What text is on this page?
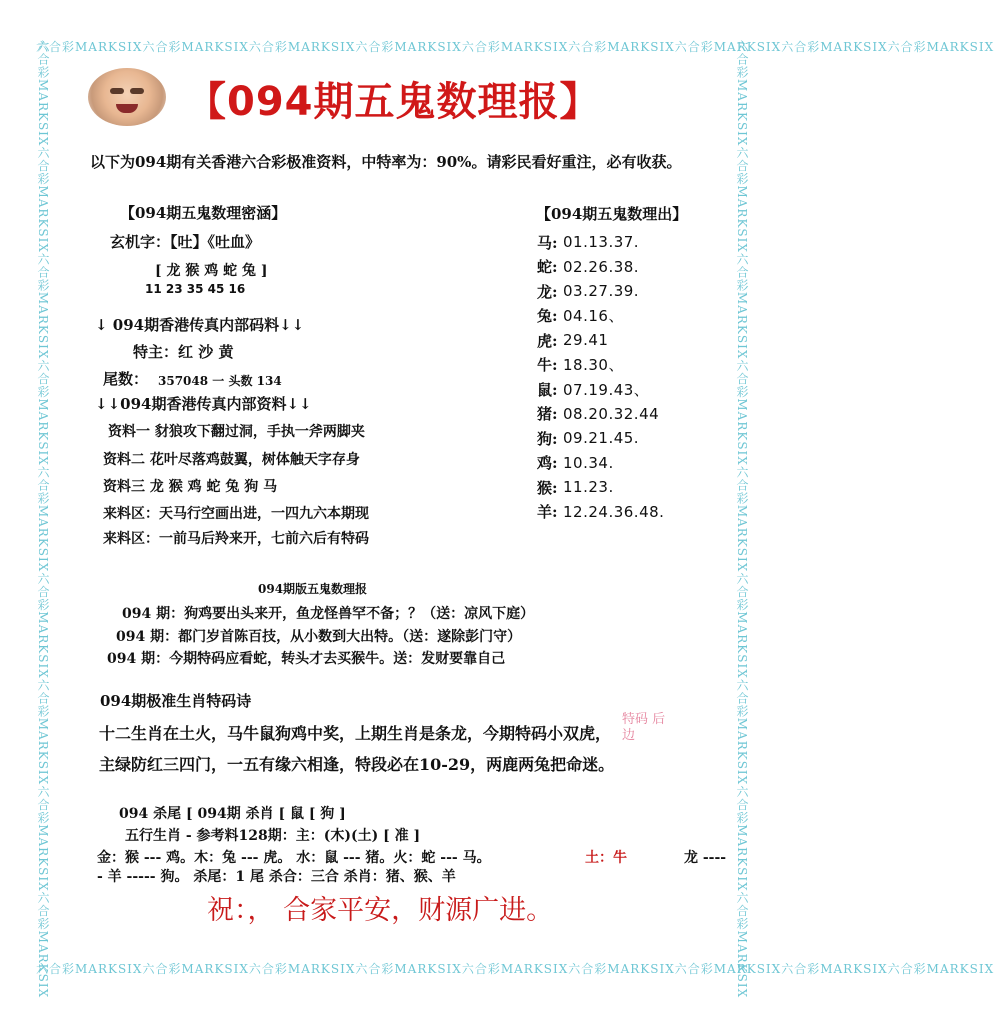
六合彩MARKSIX六合彩MARKSIX六合彩MARKSIX六合彩MARKSIX六合彩MARKSIX六合彩MARKSIX六合彩MARKSIX六合彩MARKSIX六合彩MARKSIX
六合彩MARKSIX六合彩MARKSIX六合彩MARKSIX六合彩MARKSIX六合彩MARKSIX六合彩MARKSIX六合彩MARKSIX六合彩MARKSIX六合彩MARKSIX
六合彩MARKSIX六合彩MARKSIX六合彩MARKSIX六合彩MARKSIX六合彩MARKSIX六合彩MARKSIX六合彩MARKSIX六合彩MARKSIX六合彩MARKSIX	六合彩MARKSIX六合彩MARKSIX六合彩MARKSIX六合彩MARKSIX六合彩MARKSIX六合彩MARKSIX六合彩MARKSIX六合彩MARKSIX六合彩MARKSIX
【094期五鬼数理报】
以下为094期有关香港六合彩极准资料，中特率为：90%。请彩民看好重注，必有收获。
【094期五鬼数理密涵】
玄机字：【吐】《吐血》
[ 龙 猴 鸡 蛇 兔 ]
11 23 35 45 16
↓ 094期香港传真内部码料↓↓
特主：红 沙 黄
尾数： 357048 一 头数 134
↓↓094期香港传真内部资料↓↓
资料一 豺狼攻下翻过洞，手执一斧两脚夹
资料二 花叶尽落鸡鼓翼，树体触天字存身
资料三 龙 猴 鸡 蛇 兔 狗 马
来料区：天马行空画出进，一四九六本期现
来料区：一前马后羚来开，七前六后有特码
【094期五鬼数理出】
马: 01.13.37.
蛇: 02.26.38.
龙: 03.27.39.
兔: 04.16、
虎: 29.41
牛: 18.30、
鼠: 07.19.43、
猪: 08.20.32.44
狗: 09.21.45.
鸡: 10.34.
猴: 11.23.
羊: 12.24.36.48.
094期版五鬼数理报
094 期：狗鸡要出头来开，鱼龙怪兽罕不备；？（送：凉风下庭）
094 期：都门岁首陈百技，从小数到大出特。（送：遂除彭门守）
094 期：今期特码应看蛇，转头才去买猴牛。送：发财要靠自己
094期极准生肖特码诗
十二生肖在土火，马牛鼠狗鸡中奖，上期生肖是条龙，今期特码小双虎，
主绿防红三四门，一五有缘六相逢，特段必在10-29，两鹿两兔把命迷。
特码 后边
094 杀尾 [ 094期 杀肖 [ 鼠 [ 狗 ]
五行生肖 - 参考料128期：主：(木)(土) [ 准 ]
金：猴 --- 鸡。木：兔 --- 虎。 水：鼠 --- 猪。火：蛇 --- 马。	土：牛	龙 ----
- 羊 ----- 狗。 杀尾：1 尾 杀合：三合 杀肖：猪、猴、羊
祝：， 合家平安，财源广进。
